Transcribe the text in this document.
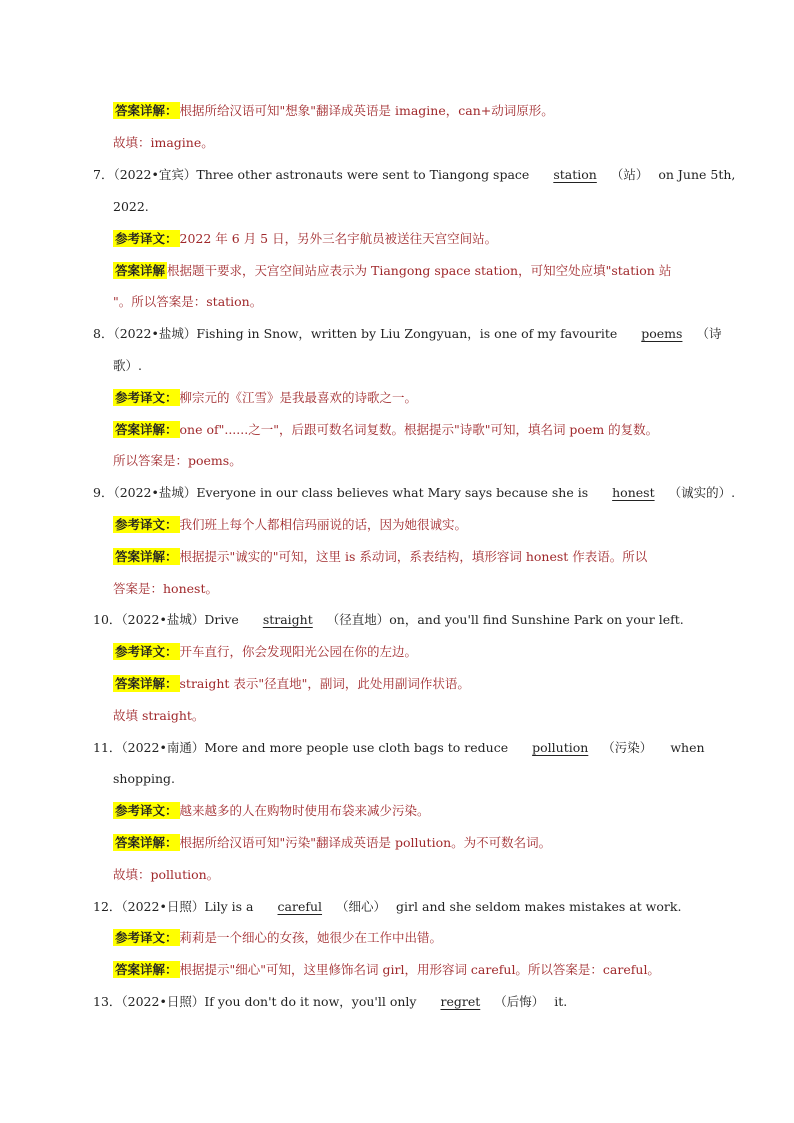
答案详解： 根据所给汉语可知"想象"翻译成英语是 imagine，can+动词原形。
故填：imagine。
7．（2022•宜宾）Three other astronauts were sent to Tiangong space station （站） on June 5th,
2022.
参考译文： 2022 年 6 月 5 日，另外三名宇航员被送往天宫空间站。
答案详解 根据题干要求，天宫空间站应表示为 Tiangong space station，可知空处应填"station 站
"。所以答案是：station。
8．（2022•盐城）Fishing in Snow，written by Liu Zongyuan，is one of my favourite poems （诗
歌）.
参考译文： 柳宗元的《江雪》是我最喜欢的诗歌之一。
答案详解： one of"......之一"，后跟可数名词复数。根据提示"诗歌"可知，填名词 poem 的复数。
所以答案是：poems。
9．（2022•盐城）Everyone in our class believes what Mary says because she is honest （诚实的）.
参考译文： 我们班上每个人都相信玛丽说的话，因为她很诚实。
答案详解： 根据提示"诚实的"可知，这里 is 系动词，系表结构，填形容词 honest 作表语。所以
答案是：honest。
10．（2022•盐城）Drive straight （径直地）on，and you'll find Sunshine Park on your left.
参考译文： 开车直行，你会发现阳光公园在你的左边。
答案详解： straight 表示"径直地"，副词，此处用副词作状语。
故填 straight。
11．（2022•南通）More and more people use cloth bags to reduce pollution （污染） when
shopping.
参考译文： 越来越多的人在购物时使用布袋来减少污染。
答案详解： 根据所给汉语可知"污染"翻译成英语是 pollution。为不可数名词。
故填：pollution。
12．（2022•日照）Lily is a careful （细心） girl and she seldom makes mistakes at work.
参考译文： 莉莉是一个细心的女孩，她很少在工作中出错。
答案详解： 根据提示"细心"可知，这里修饰名词 girl，用形容词 careful。所以答案是：careful。
13．（2022•日照）If you don't do it now，you'll only regret （后悔） it.
